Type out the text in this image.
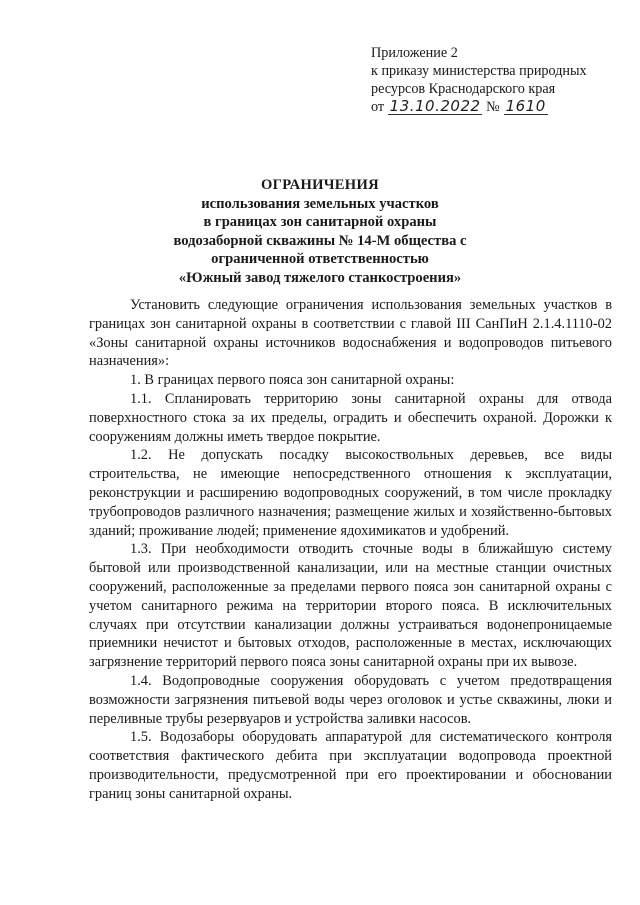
Приложение 2
к приказу министерства природных
ресурсов Краснодарского края
от 13.10.2022 № 1610
ОГРАНИЧЕНИЯ
использования земельных участков
в границах зон санитарной охраны
водозаборной скважины № 14-М общества с
ограниченной ответственностью
«Южный завод тяжелого станкостроения»

Установить следующие ограничения использования земельных участков в границах зон санитарной охраны в соответствии с главой III СанПиН 2.1.4.1110-02 «Зоны санитарной охраны источников водоснабжения и водопроводов питьевого назначения»:

1. В границах первого пояса зон санитарной охраны:

1.1. Спланировать территорию зоны санитарной охраны для отвода поверхностного стока за их пределы, оградить и обеспечить охраной. Дорожки к сооружениям должны иметь твердое покрытие.

1.2. Не допускать посадку высокоствольных деревьев, все виды строительства, не имеющие непосредственного отношения к эксплуатации, реконструкции и расширению водопроводных сооружений, в том числе прокладку трубопроводов различного назначения; размещение жилых и хозяйственно-бытовых зданий; проживание людей; применение ядохимикатов и удобрений.

1.3. При необходимости отводить сточные воды в ближайшую систему бытовой или производственной канализации, или на местные станции очистных сооружений, расположенные за пределами первого пояса зон санитарной охраны с учетом санитарного режима на территории второго пояса. В исключительных случаях при отсутствии канализации должны устраиваться водонепроницаемые приемники нечистот и бытовых отходов, расположенные в местах, исключающих загрязнение территорий первого пояса зоны санитарной охраны при их вывозе.

1.4. Водопроводные сооружения оборудовать с учетом предотвращения возможности загрязнения питьевой воды через оголовок и устье скважины, люки и переливные трубы резервуаров и устройства заливки насосов.

1.5. Водозаборы оборудовать аппаратурой для систематического контроля соответствия фактического дебита при эксплуатации водопровода проектной производительности, предусмотренной при его проектировании и обосновании границ зоны санитарной охраны.
